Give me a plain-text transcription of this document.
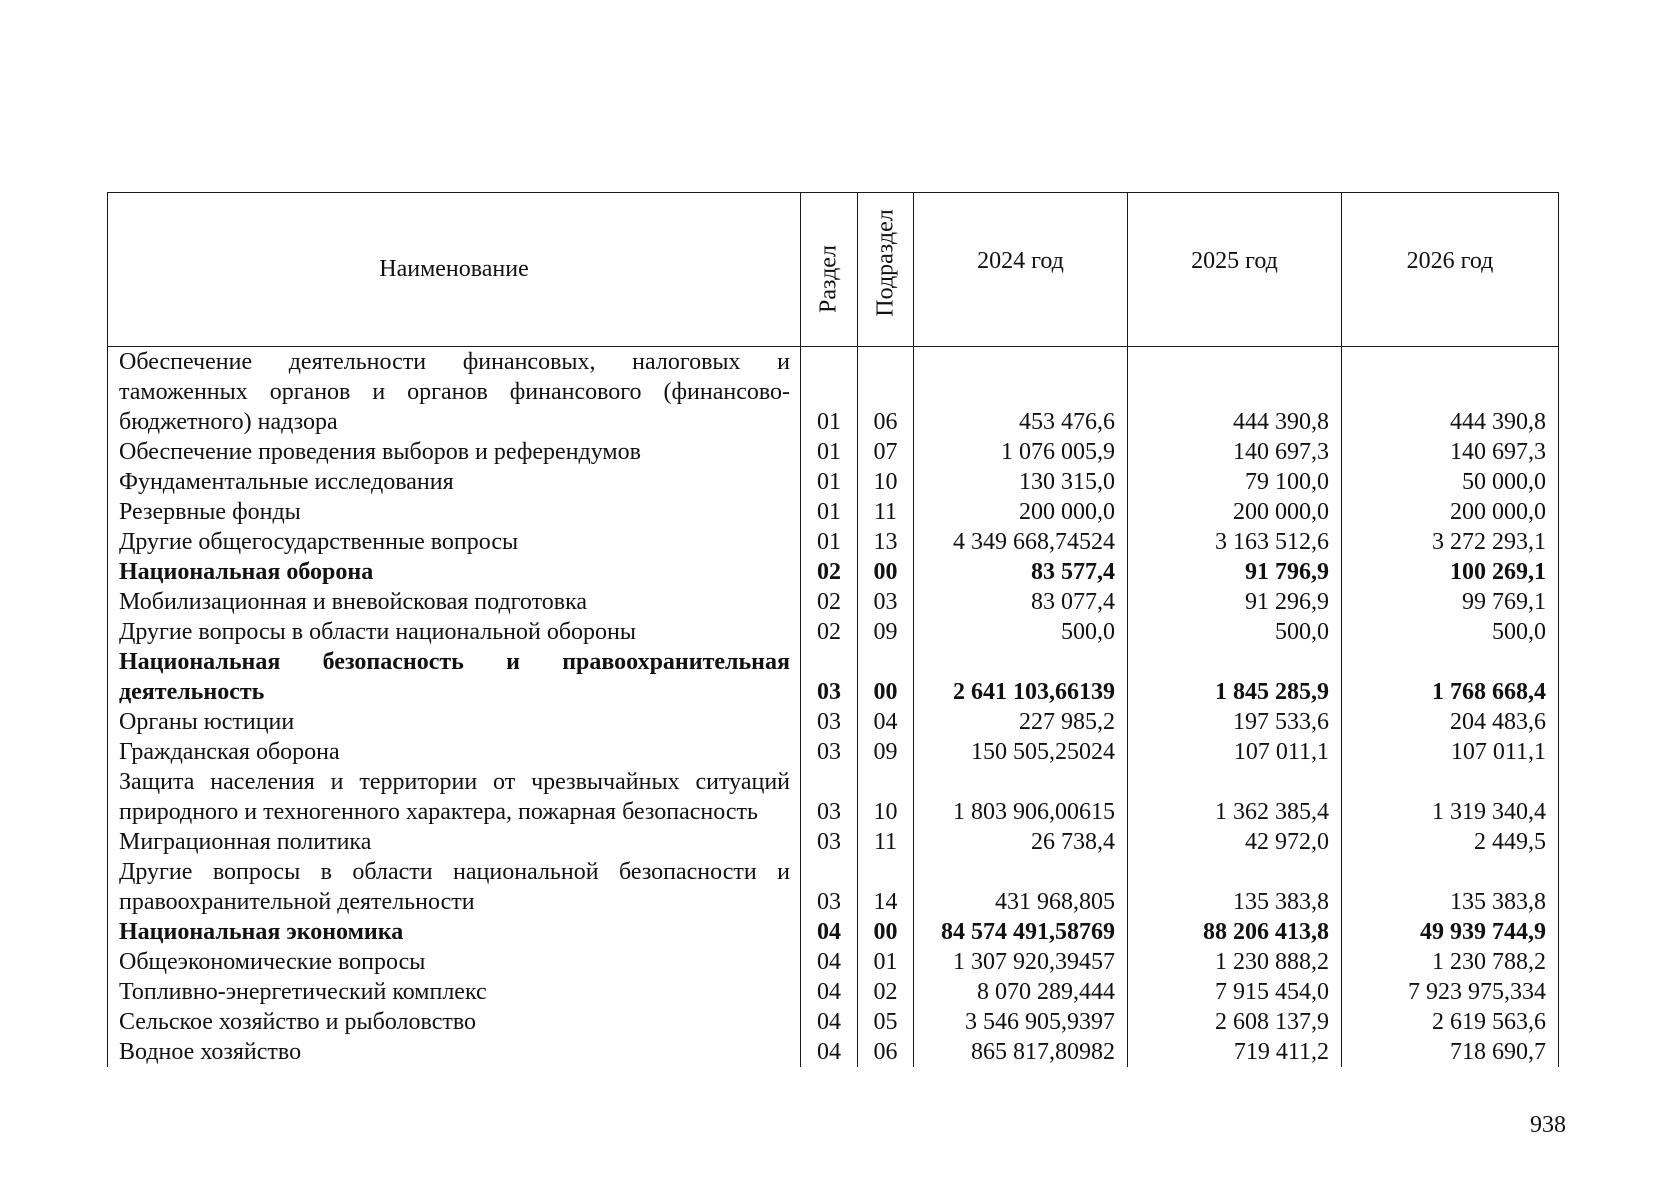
Наименование	Раздел	Подраздел	2024 год	2025 год	2026 год

Обеспечение деятельности финансовых, налоговых и таможенных органов и органов финансового (финансово-бюджетного) надзора	01	06	453 476,6	444 390,8	444 390,8
Обеспечение проведения выборов и референдумов	01	07	1 076 005,9	140 697,3	140 697,3
Фундаментальные исследования	01	10	130 315,0	79 100,0	50 000,0
Резервные фонды	01	11	200 000,0	200 000,0	200 000,0
Другие общегосударственные вопросы	01	13	4 349 668,74524	3 163 512,6	3 272 293,1
Национальная оборона	02	00	83 577,4	91 796,9	100 269,1
Мобилизационная и вневойсковая подготовка	02	03	83 077,4	91 296,9	99 769,1
Другие вопросы в области национальной обороны	02	09	500,0	500,0	500,0
Национальная безопасность и правоохранительная деятельность	03	00	2 641 103,66139	1 845 285,9	1 768 668,4
Органы юстиции	03	04	227 985,2	197 533,6	204 483,6
Гражданская оборона	03	09	150 505,25024	107 011,1	107 011,1
Защита населения и территории от чрезвычайных ситуаций природного и техногенного характера, пожарная безопасность	03	10	1 803 906,00615	1 362 385,4	1 319 340,4
Миграционная политика	03	11	26 738,4	42 972,0	2 449,5
Другие вопросы в области национальной безопасности и правоохранительной деятельности	03	14	431 968,805	135 383,8	135 383,8
Национальная экономика	04	00	84 574 491,58769	88 206 413,8	49 939 744,9
Общеэкономические вопросы	04	01	1 307 920,39457	1 230 888,2	1 230 788,2
Топливно-энергетический комплекс	04	02	8 070 289,444	7 915 454,0	7 923 975,334
Сельское хозяйство и рыболовство	04	05	3 546 905,9397	2 608 137,9	2 619 563,6
Водное хозяйство	04	06	865 817,80982	719 411,2	718 690,7
938
